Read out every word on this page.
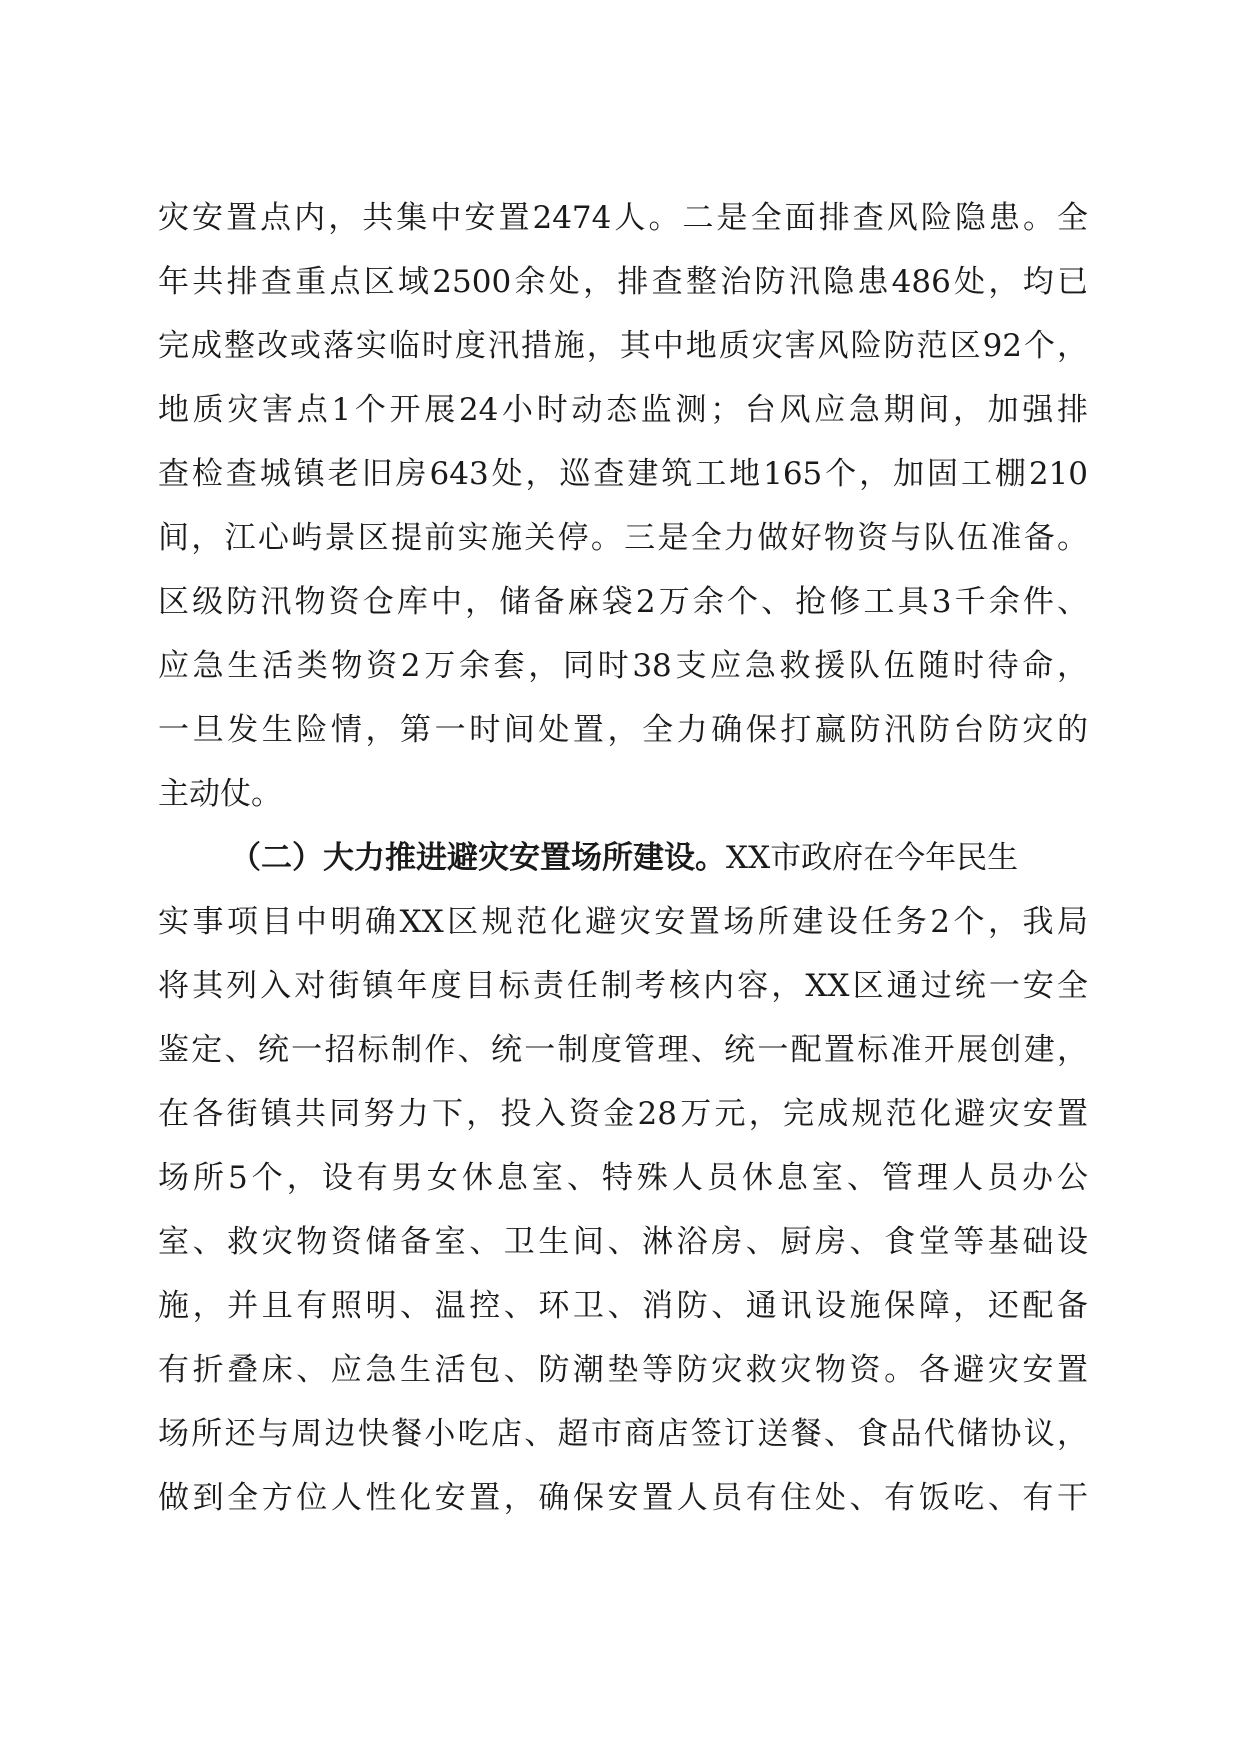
灾安置点内，共集中安置2474人。二是全面排查风险隐患。全
年共排查重点区域2500余处，排查整治防汛隐患486处，均已
完成整改或落实临时度汛措施，其中地质灾害风险防范区92个，
地质灾害点1个开展24小时动态监测；台风应急期间，加强排
查检查城镇老旧房643处，巡查建筑工地165个，加固工棚210
间，江心屿景区提前实施关停。三是全力做好物资与队伍准备。
区级防汛物资仓库中，储备麻袋2万余个、抢修工具3千余件、
应急生活类物资2万余套，同时38支应急救援队伍随时待命，
一旦发生险情，第一时间处置，全力确保打赢防汛防台防灾的
主动仗。
（二）大力推进避灾安置场所建设。XX市政府在今年民生
实事项目中明确XX区规范化避灾安置场所建设任务2个，我局
将其列入对街镇年度目标责任制考核内容，XX区通过统一安全
鉴定、统一招标制作、统一制度管理、统一配置标准开展创建，
在各街镇共同努力下，投入资金28万元，完成规范化避灾安置
场所5个，设有男女休息室、特殊人员休息室、管理人员办公
室、救灾物资储备室、卫生间、淋浴房、厨房、食堂等基础设
施，并且有照明、温控、环卫、消防、通讯设施保障，还配备
有折叠床、应急生活包、防潮垫等防灾救灾物资。各避灾安置
场所还与周边快餐小吃店、超市商店签订送餐、食品代储协议，
做到全方位人性化安置，确保安置人员有住处、有饭吃、有干
